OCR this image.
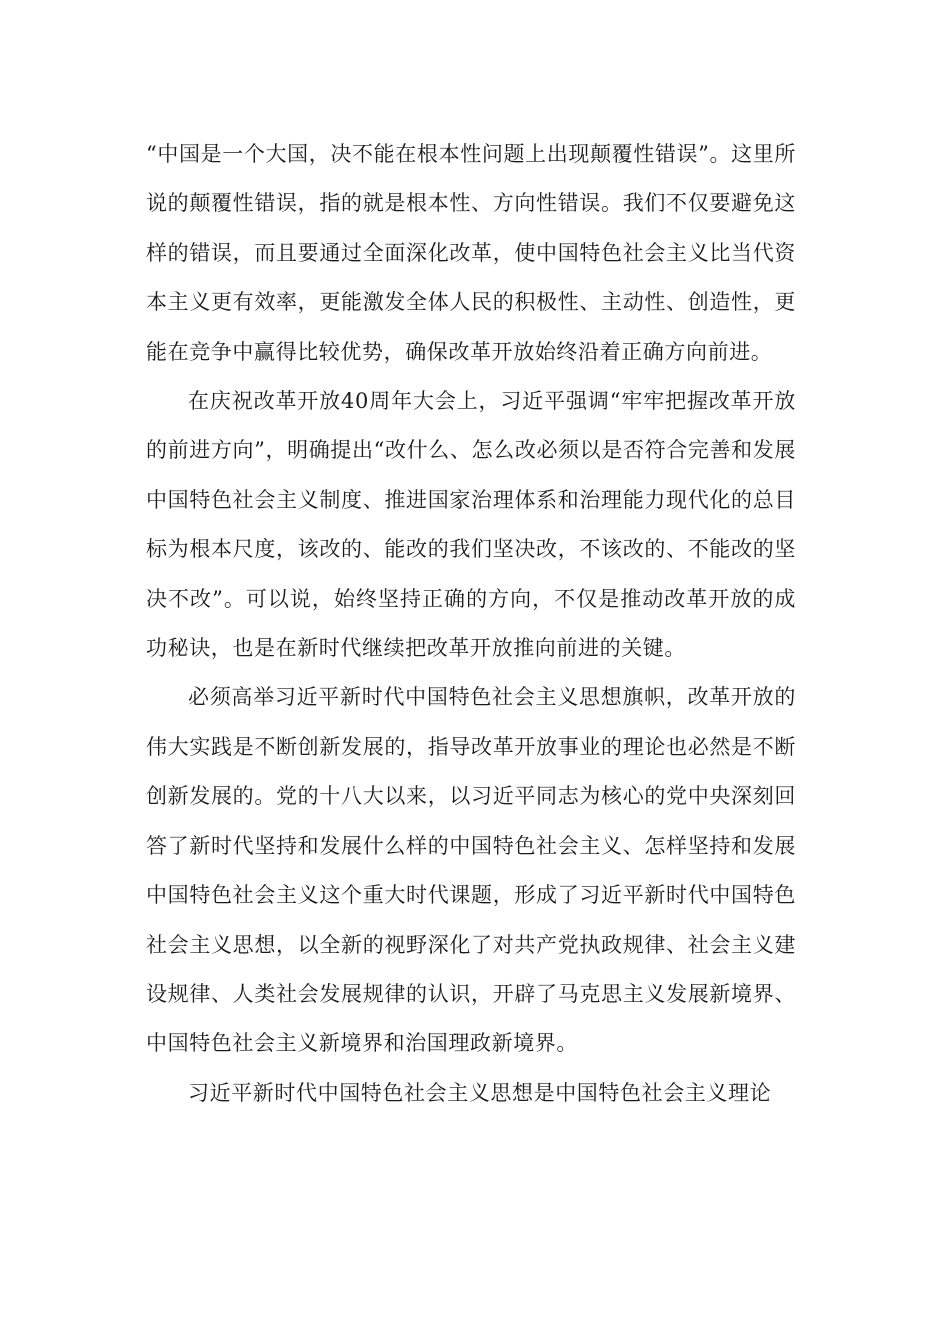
“中国是一个大国，决不能在根本性问题上出现颠覆性错误”。这里所说的颠覆性错误，指的就是根本性、方向性错误。我们不仅要避免这样的错误，而且要通过全面深化改革，使中国特色社会主义比当代资本主义更有效率，更能激发全体人民的积极性、主动性、创造性，更能在竞争中赢得比较优势，确保改革开放始终沿着正确方向前进。

在庆祝改革开放40周年大会上，习近平强调“牢牢把握改革开放的前进方向”，明确提出“改什么、怎么改必须以是否符合完善和发展中国特色社会主义制度、推进国家治理体系和治理能力现代化的总目标为根本尺度，该改的、能改的我们坚决改，不该改的、不能改的坚决不改”。可以说，始终坚持正确的方向，不仅是推动改革开放的成功秘诀，也是在新时代继续把改革开放推向前进的关键。

必须高举习近平新时代中国特色社会主义思想旗帜，改革开放的伟大实践是不断创新发展的，指导改革开放事业的理论也必然是不断创新发展的。党的十八大以来，以习近平同志为核心的党中央深刻回答了新时代坚持和发展什么样的中国特色社会主义、怎样坚持和发展中国特色社会主义这个重大时代课题，形成了习近平新时代中国特色社会主义思想，以全新的视野深化了对共产党执政规律、社会主义建设规律、人类社会发展规律的认识，开辟了马克思主义发展新境界、中国特色社会主义新境界和治国理政新境界。

习近平新时代中国特色社会主义思想是中国特色社会主义理论
